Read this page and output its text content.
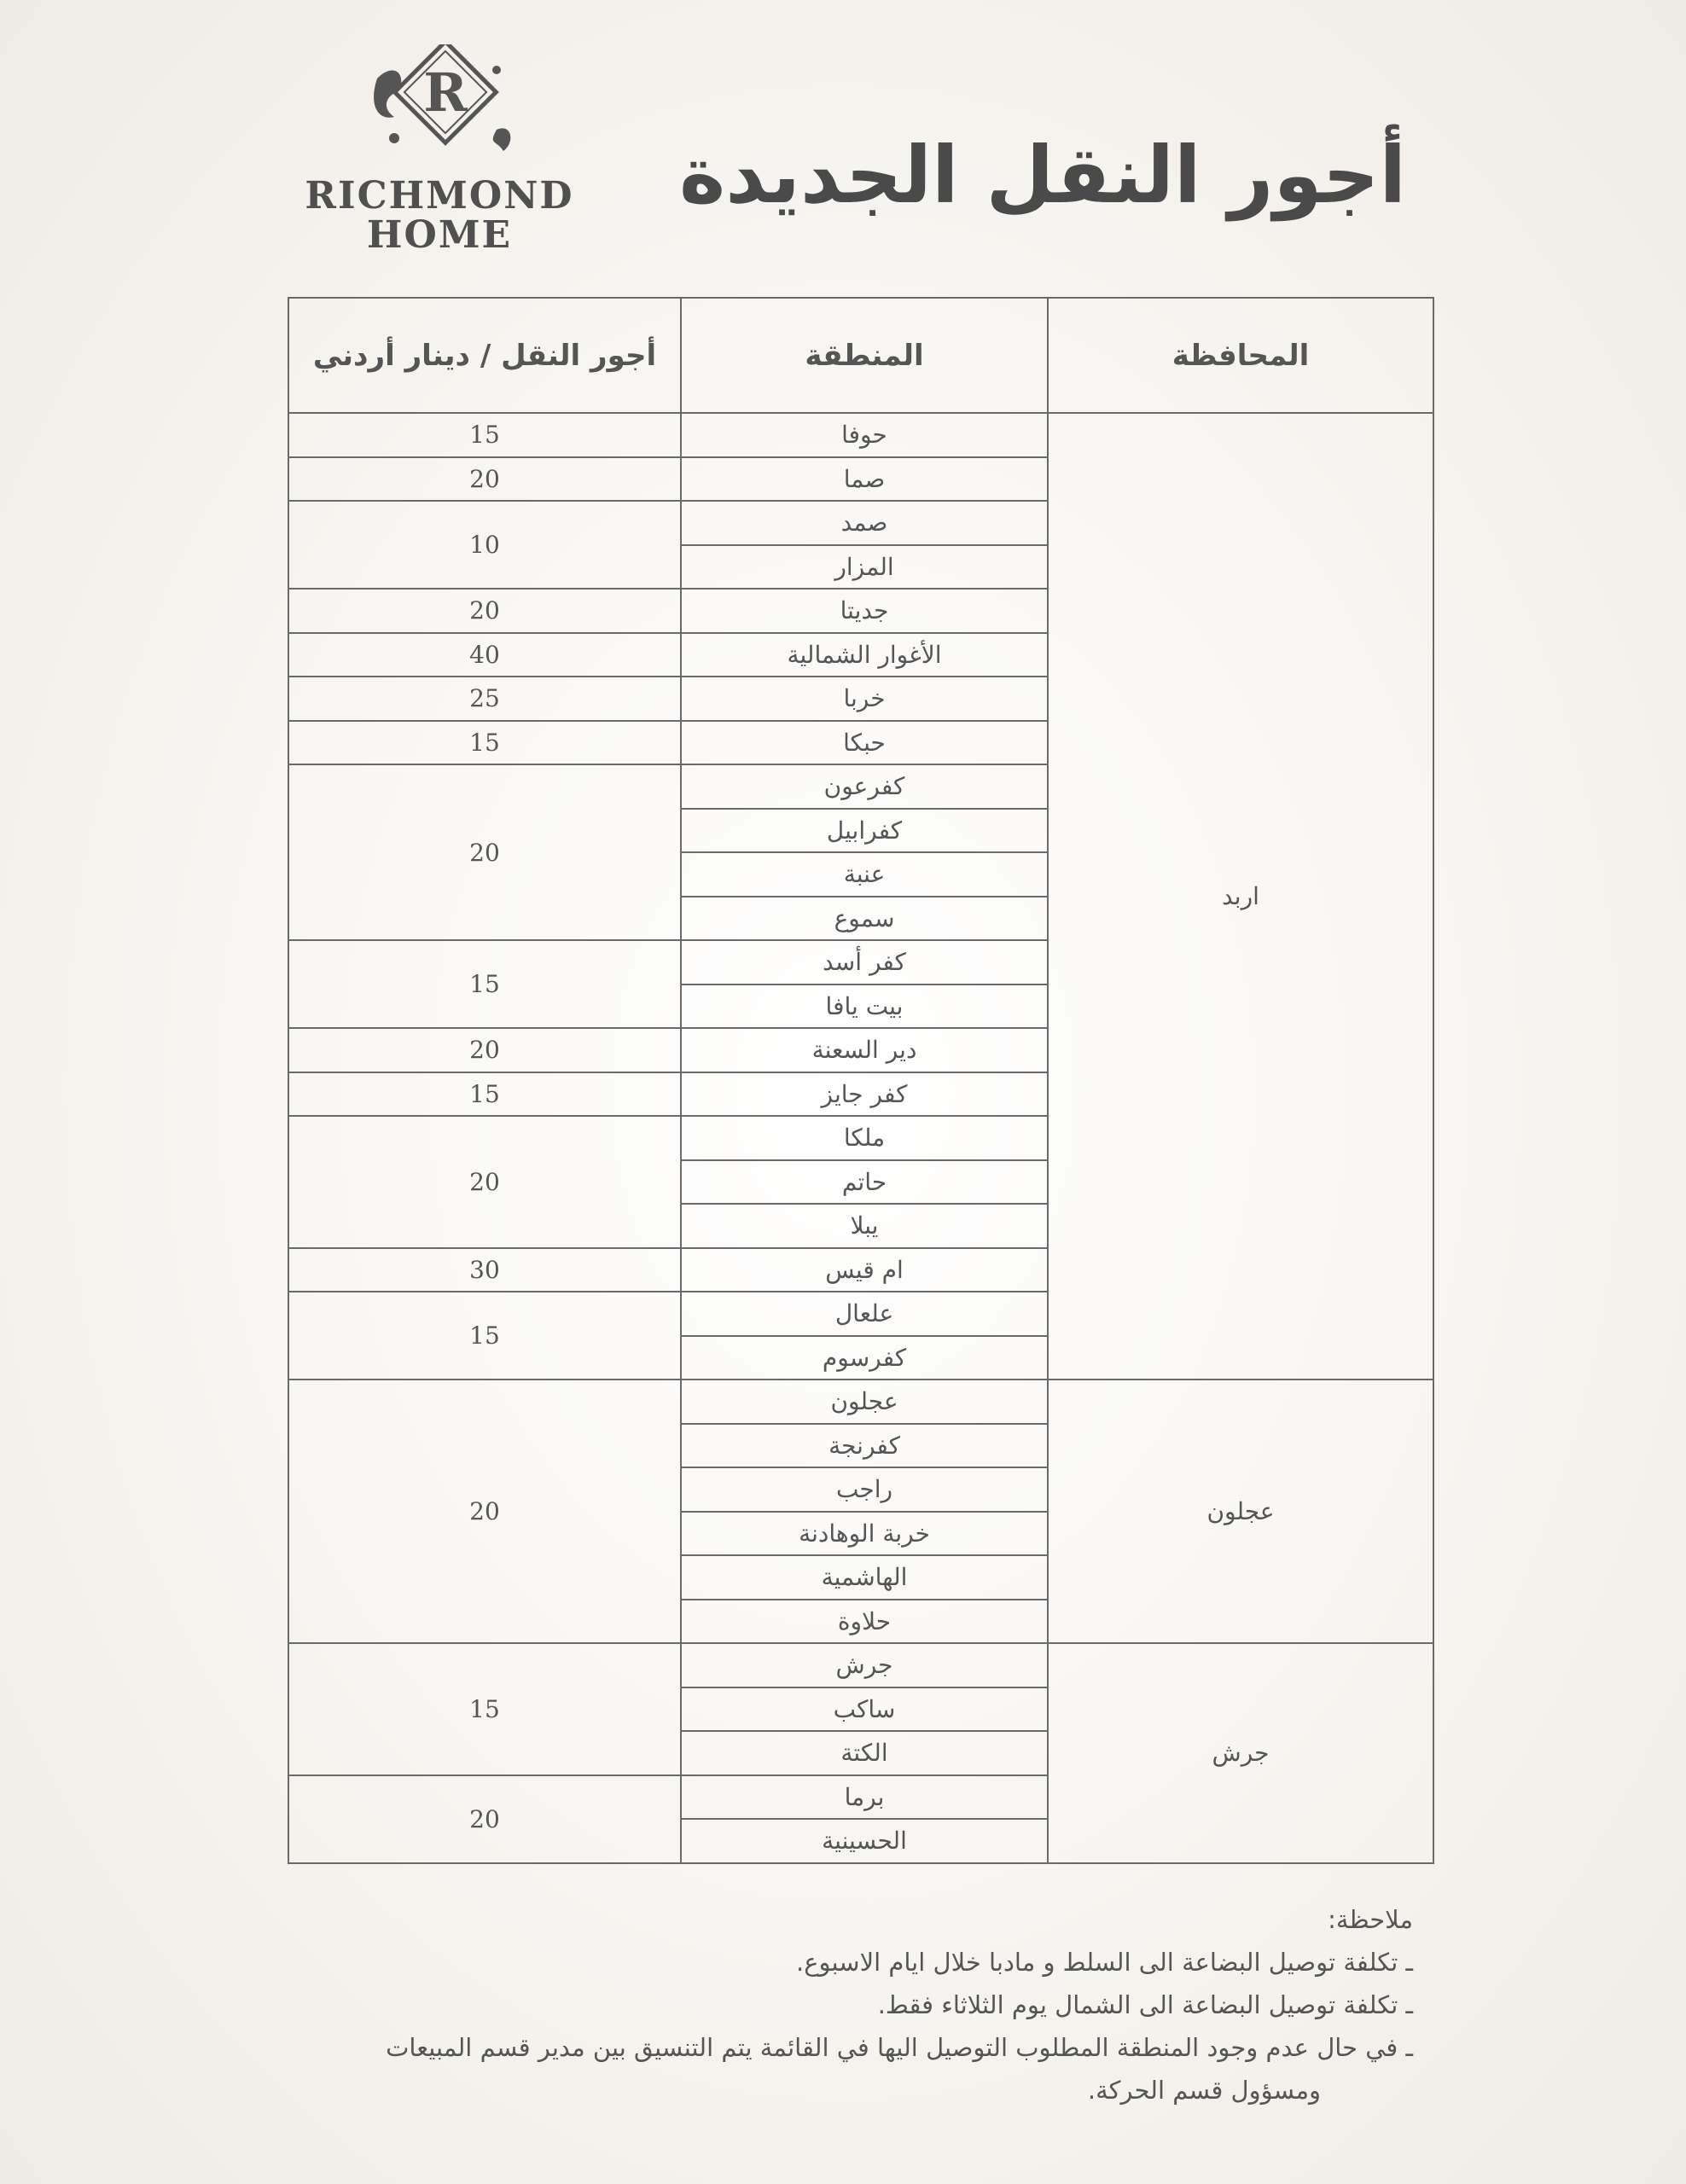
R
RICHMOND
HOME
أجور النقل الجديدة
المحافظة	المنطقة	أجور النقل / دينار أردني
اربد	حوفا	15
	صما	20
	صمد	10
	المزار	
	جديتا	20
	الأغوار الشمالية	40
	خربا	25
	حبكا	15
	كفرعون	20
	كفرابيل	
	عنبة	
	سموع	
	كفر أسد	15
	بيت يافا	
	دير السعنة	20
	كفر جايز	15
	ملكا	20
	حاتم	
	يبلا	
	ام قيس	30
	علعال	15
	كفرسوم	
عجلون	عجلون	20
	كفرنجة	
	راجب	
	خربة الوهادنة	
	الهاشمية	
	حلاوة	
جرش	جرش	15
	ساكب	
	الكتة	
	برما	20
	الحسينية	
ملاحظة:
ـ تكلفة توصيل البضاعة الى السلط و مادبا خلال ايام الاسبوع.
ـ تكلفة توصيل البضاعة الى الشمال يوم الثلاثاء فقط.
ـ في حال عدم وجود المنطقة المطلوب التوصيل اليها في القائمة يتم التنسيق بين مدير قسم المبيعات
ومسؤول قسم الحركة.
